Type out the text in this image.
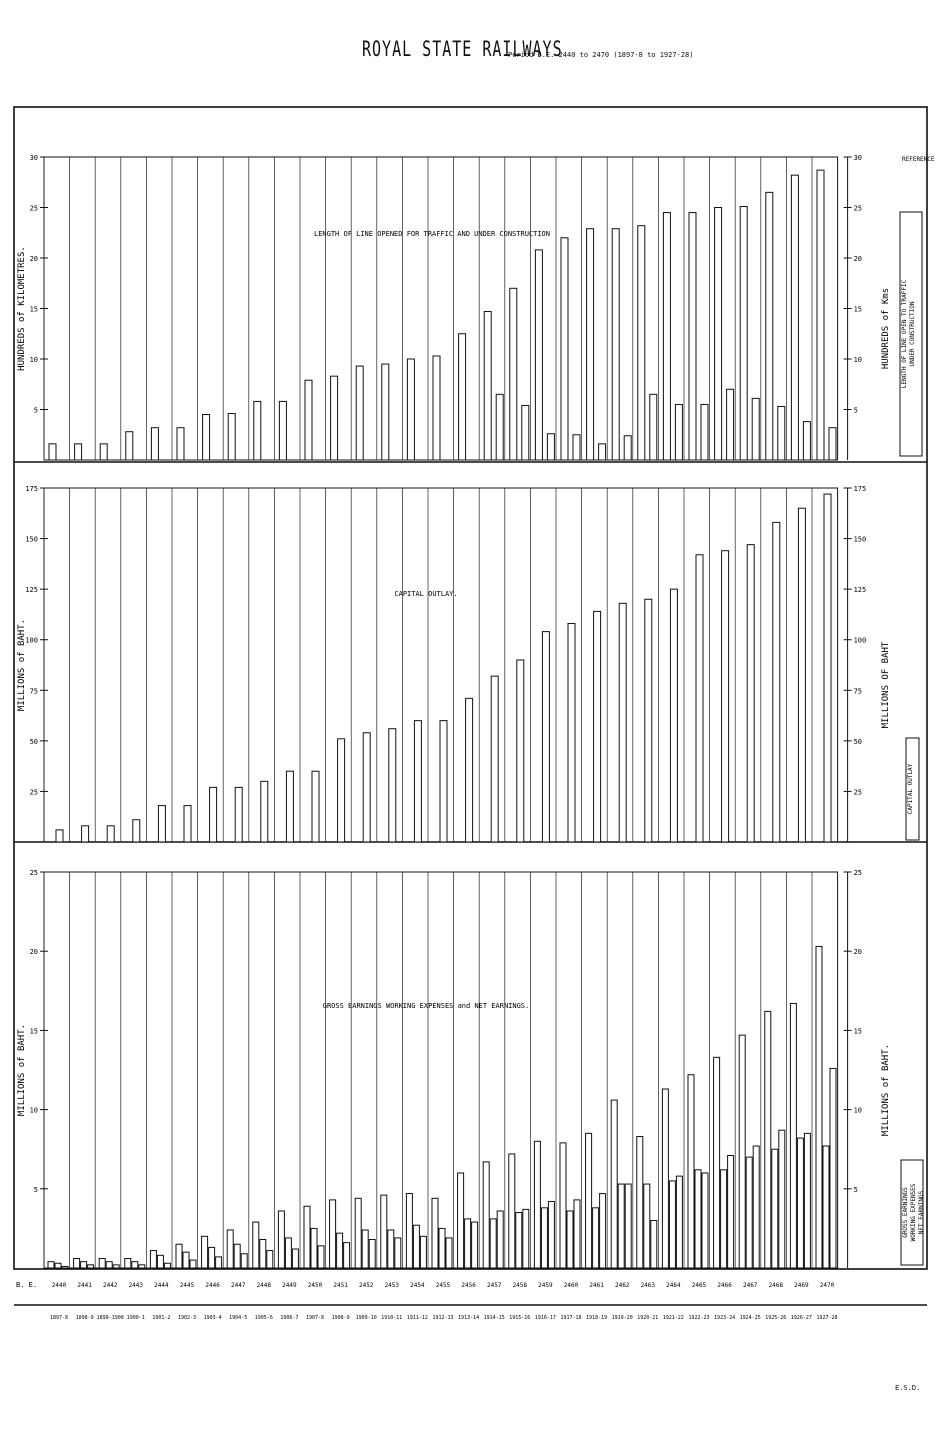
ROYAL STATE RAILWAYS
Period B.E. 2440 to 2470 (1897-8 to 1927-28)
E.S.D.
5	5
10	10
15	15
20	20
25	25
30	30
HUNDREDS of KILOMETRES.	HUNDREDS of Kms
LENGTH OF LINE OPENED FOR TRAFFIC AND UNDER CONSTRUCTION
REFERENCE
LENGTH OF LINE OPEN TO TRAFFIC UNDER CONSTRUCTION
25	25
50	50
75	75
100	100
125	125
150	150
175	175
MILLIONS of BAHT.	MILLIONS OF BAHT
CAPITAL OUTLAY.
CAPITAL OUTLAY
5	5
10	10
15	15
20	20
25	25
MILLIONS of BAHT.	MILLIONS of BAHT.
GROSS EARNINGS WORKING EXPENSES and NET EARNINGS.
GROSS EARNINGS WORKING EXPENSES NET EARNINGS
B. E. 2440 2441 2442 2443 2444 2445 2446 2447 2448 2449 2450 2451 2452 2453 2454 2455 2456 2457 2458 2459 2460 2461 2462 2463 2464 2465 2466 2467 2468 2469 2470
1897-8 1898-9 1899-1900 1900-1 1901-2 1902-3 1903-4 1904-5 1905-6 1906-7 1907-8 1908-9 1909-10 1910-11 1911-12 1912-13 1913-14 1914-15 1915-16 1916-17 1917-18 1918-19 1919-20 1920-21 1921-22 1922-23 1923-24 1924-25 1925-26 1926-27 1927-28
